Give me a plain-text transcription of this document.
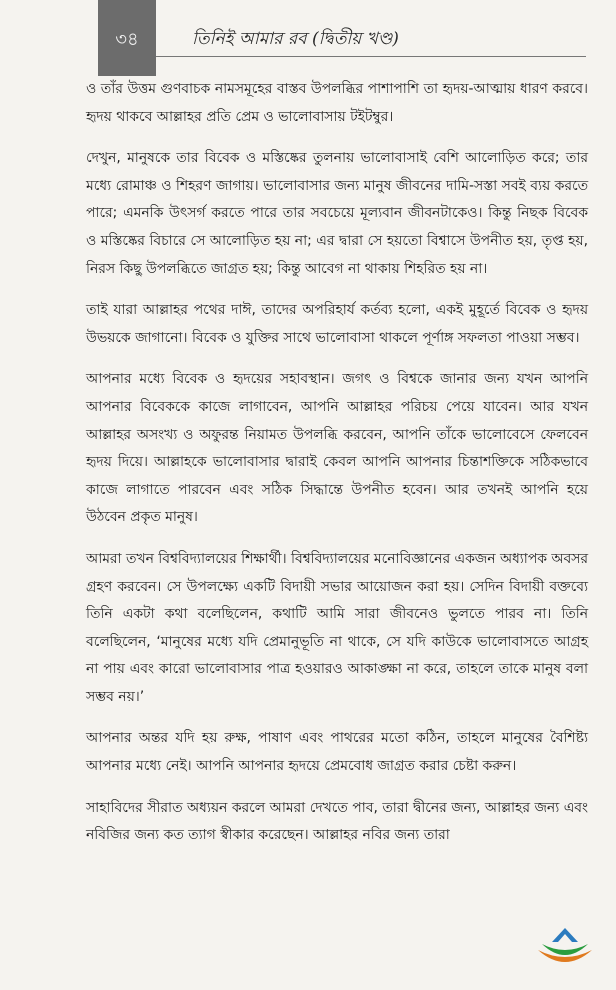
৩৪	তিনিই আমার রব (দ্বিতীয় খণ্ড)

ও তাঁর উত্তম গুণবাচক নামসমূহের বাস্তব উপলব্ধির পাশাপাশি তা হৃদয়-আত্মায় ধারণ করবে। হৃদয় থাকবে আল্লাহর প্রতি প্রেম ও ভালোবাসায় টইটম্বুর।

দেখুন, মানুষকে তার বিবেক ও মস্তিষ্কের তুলনায় ভালোবাসাই বেশি আলোড়িত করে; তার মধ্যে রোমাঞ্চ ও শিহরণ জাগায়। ভালোবাসার জন্য মানুষ জীবনের দামি-সস্তা সবই ব্যয় করতে পারে; এমনকি উৎসর্গ করতে পারে তার সবচেয়ে মূল্যবান জীবনটাকেও। কিন্তু নিছক বিবেক ও মস্তিষ্কের বিচারে সে আলোড়িত হয় না; এর দ্বারা সে হয়তো বিশ্বাসে উপনীত হয়, তৃপ্ত হয়, নিরস কিছু উপলব্ধিতে জাগ্রত হয়; কিন্তু আবেগ না থাকায় শিহরিত হয় না।

তাই যারা আল্লাহর পথের দাঈ, তাদের অপরিহার্য কর্তব্য হলো, একই মুহূর্তে বিবেক ও হৃদয় উভয়কে জাগানো। বিবেক ও যুক্তির সাথে ভালোবাসা থাকলে পূর্ণাঙ্গ সফলতা পাওয়া সম্ভব।

আপনার মধ্যে বিবেক ও হৃদয়ের সহাবস্থান। জগৎ ও বিশ্বকে জানার জন্য যখন আপনি আপনার বিবেককে কাজে লাগাবেন, আপনি আল্লাহর পরিচয় পেয়ে যাবেন। আর যখন আল্লাহর অসংখ্য ও অফুরন্ত নিয়ামত উপলব্ধি করবেন, আপনি তাঁকে ভালোবেসে ফেলবেন হৃদয় দিয়ে। আল্লাহকে ভালোবাসার দ্বারাই কেবল আপনি আপনার চিন্তাশক্তিকে সঠিকভাবে কাজে লাগাতে পারবেন এবং সঠিক সিদ্ধান্তে উপনীত হবেন। আর তখনই আপনি হয়ে উঠবেন প্রকৃত মানুষ।

আমরা তখন বিশ্ববিদ্যালয়ের শিক্ষার্থী। বিশ্ববিদ্যালয়ের মনোবিজ্ঞানের একজন অধ্যাপক অবসর গ্রহণ করবেন। সে উপলক্ষ্যে একটি বিদায়ী সভার আয়োজন করা হয়। সেদিন বিদায়ী বক্তব্যে তিনি একটা কথা বলেছিলেন, কথাটি আমি সারা জীবনেও ভুলতে পারব না। তিনি বলেছিলেন, ‘মানুষের মধ্যে যদি প্রেমানুভূতি না থাকে, সে যদি কাউকে ভালোবাসতে আগ্রহ না পায় এবং কারো ভালোবাসার পাত্র হওয়ারও আকাঙ্ক্ষা না করে, তাহলে তাকে মানুষ বলা সম্ভব নয়।’

আপনার অন্তর যদি হয় রুক্ষ, পাষাণ এবং পাথরের মতো কঠিন, তাহলে মানুষের বৈশিষ্ট্য আপনার মধ্যে নেই। আপনি আপনার হৃদয়ে প্রেমবোধ জাগ্রত করার চেষ্টা করুন।

সাহাবিদের সীরাত অধ্যয়ন করলে আমরা দেখতে পাব, তারা দ্বীনের জন্য, আল্লাহর জন্য এবং নবিজির জন্য কত ত্যাগ স্বীকার করেছেন। আল্লাহর নবির জন্য তারা
